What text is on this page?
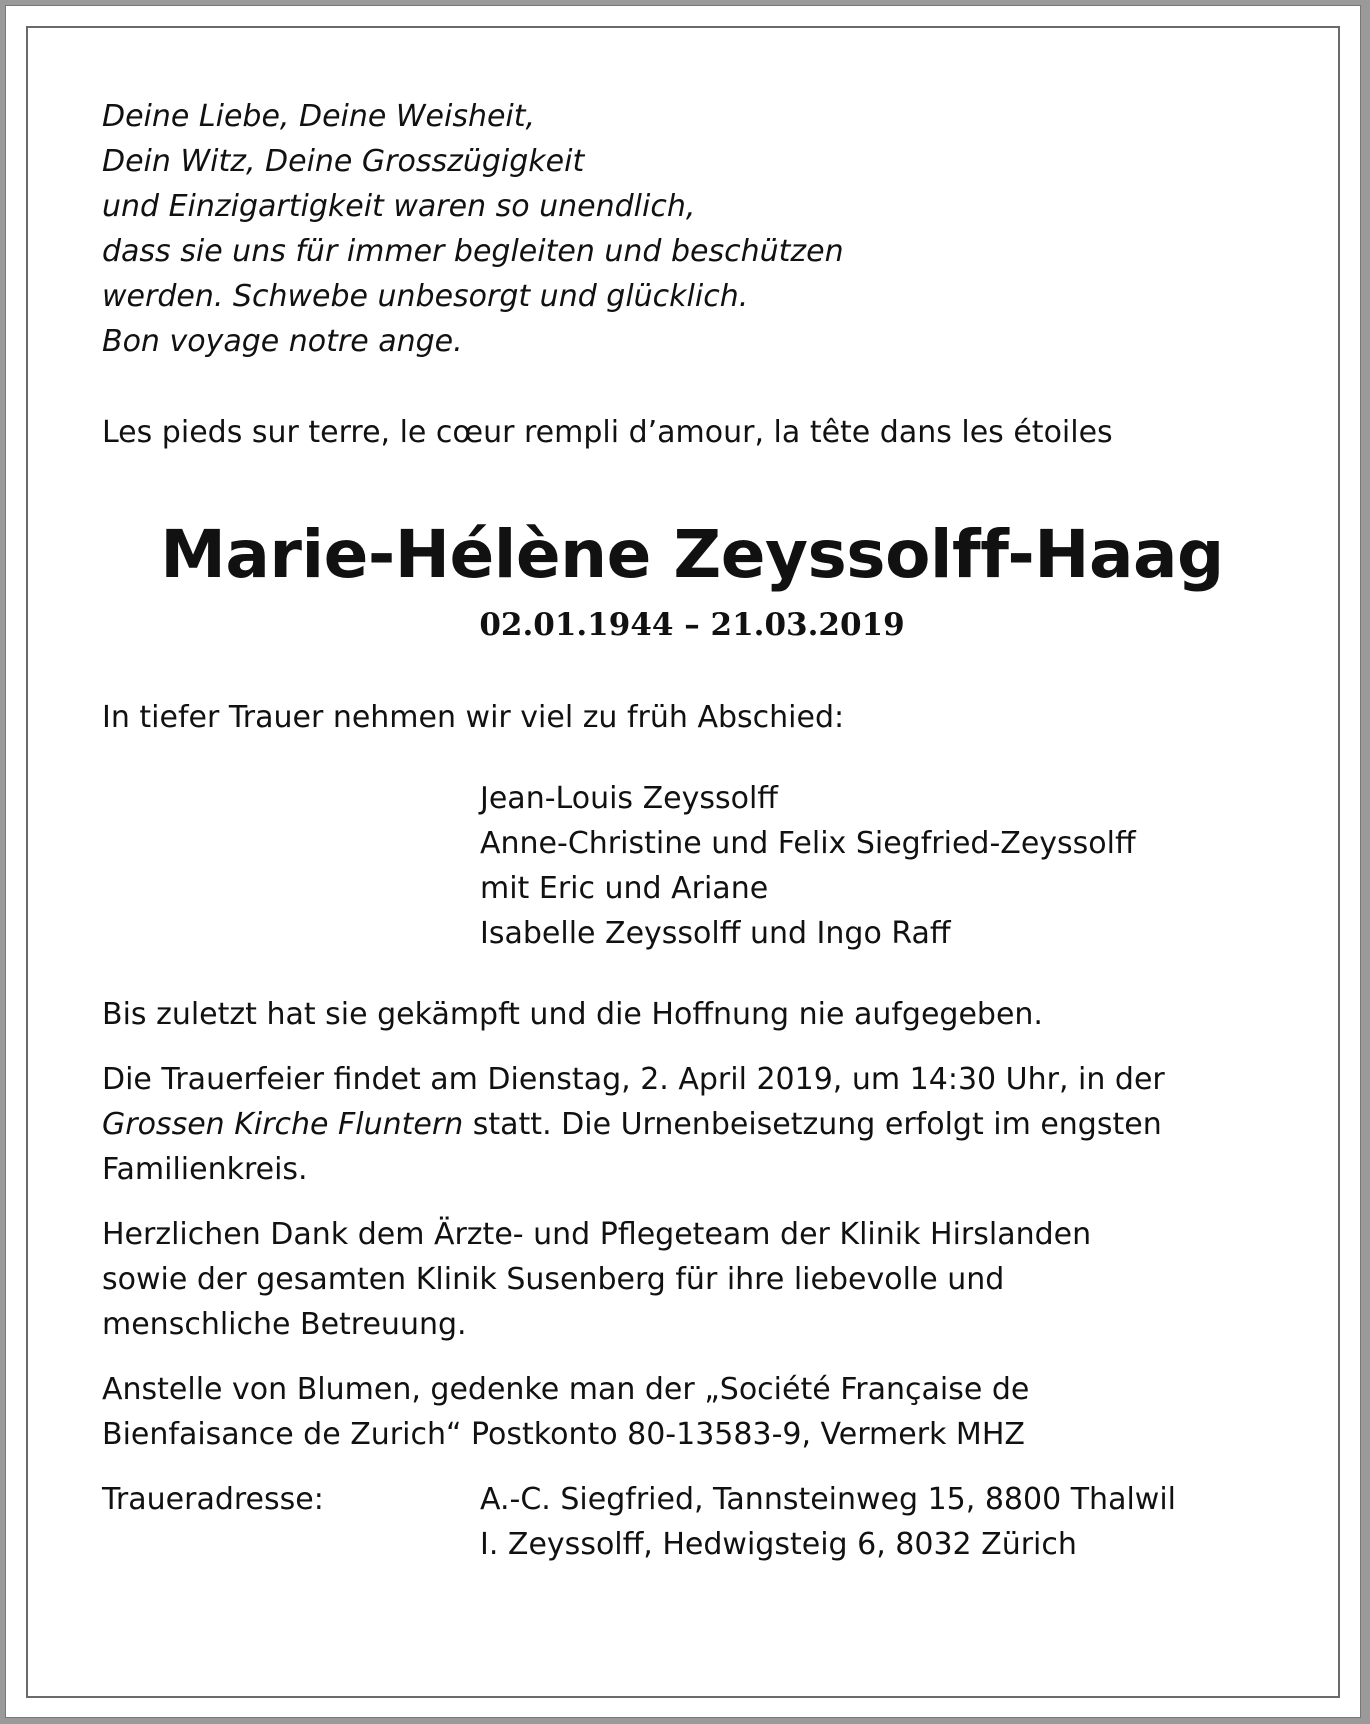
Deine Liebe, Deine Weisheit,
Dein Witz, Deine Grosszügigkeit
und Einzigartigkeit waren so unendlich,
dass sie uns für immer begleiten und beschützen
werden. Schwebe unbesorgt und glücklich.
Bon voyage notre ange.
Les pieds sur terre, le cœur rempli d’amour, la tête dans les étoiles
Marie-Hélène Zeyssolff-Haag
02.01.1944 – 21.03.2019
In tiefer Trauer nehmen wir viel zu früh Abschied:
Jean-Louis Zeyssolff
Anne-Christine und Felix Siegfried-Zeyssolff
mit Eric und Ariane
Isabelle Zeyssolff und Ingo Raff
Bis zuletzt hat sie gekämpft und die Hoffnung nie aufgegeben.
Die Trauerfeier findet am Dienstag, 2. April 2019, um 14:30 Uhr, in der
Grossen Kirche Fluntern statt. Die Urnenbeisetzung erfolgt im engsten
Familienkreis.
Herzlichen Dank dem Ärzte- und Pflegeteam der Klinik Hirslanden
sowie der gesamten Klinik Susenberg für ihre liebevolle und
menschliche Betreuung.
Anstelle von Blumen, gedenke man der „Société Française de
Bienfaisance de Zurich“ Postkonto 80-13583-9, Vermerk MHZ
Traueradresse:	A.-C. Siegfried, Tannsteinweg 15, 8800 Thalwil
I. Zeyssolff, Hedwigsteig 6, 8032 Zürich
